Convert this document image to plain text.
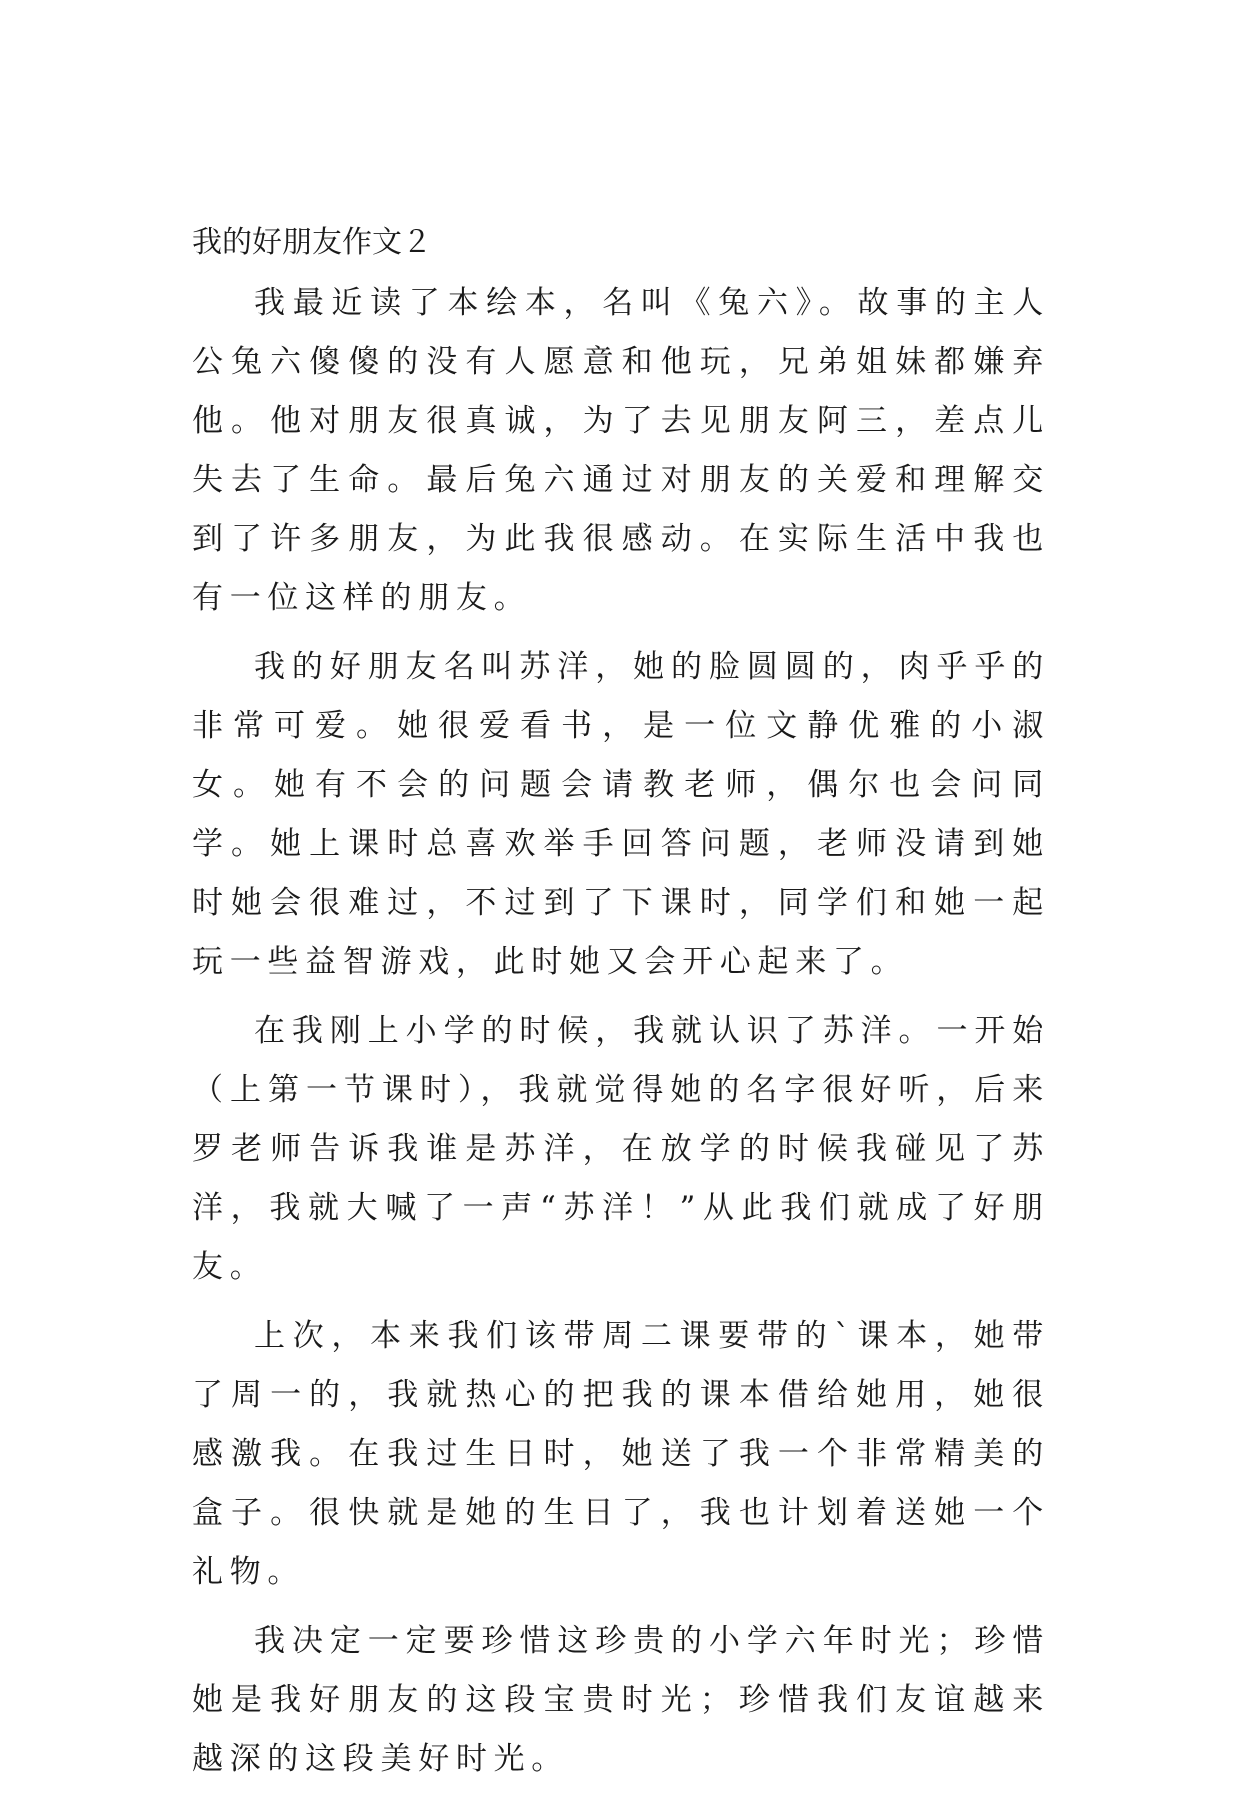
我的好朋友作文２

我最近读了本绘本，名叫《兔六》。故事的主人公兔六傻傻的没有人愿意和他玩，兄弟姐妹都嫌弃他。他对朋友很真诚，为了去见朋友阿三，差点儿失去了生命。最后兔六通过对朋友的关爱和理解交到了许多朋友，为此我很感动。在实际生活中我也有一位这样的朋友。

我的好朋友名叫苏洋，她的脸圆圆的，肉乎乎的非常可爱。她很爱看书，是一位文静优雅的小淑女。她有不会的问题会请教老师，偶尔也会问同学。她上课时总喜欢举手回答问题，老师没请到她时她会很难过，不过到了下课时，同学们和她一起玩一些益智游戏，此时她又会开心起来了。

在我刚上小学的时候，我就认识了苏洋。一开始（上第一节课时），我就觉得她的名字很好听，后来罗老师告诉我谁是苏洋，在放学的时候我碰见了苏洋，我就大喊了一声“苏洋！”从此我们就成了好朋友。

上次，本来我们该带周二课要带的`课本，她带了周一的，我就热心的把我的课本借给她用，她很感激我。在我过生日时，她送了我一个非常精美的盒子。很快就是她的生日了，我也计划着送她一个礼物。

我决定一定要珍惜这珍贵的小学六年时光；珍惜她是我好朋友的这段宝贵时光；珍惜我们友谊越来越深的这段美好时光。
